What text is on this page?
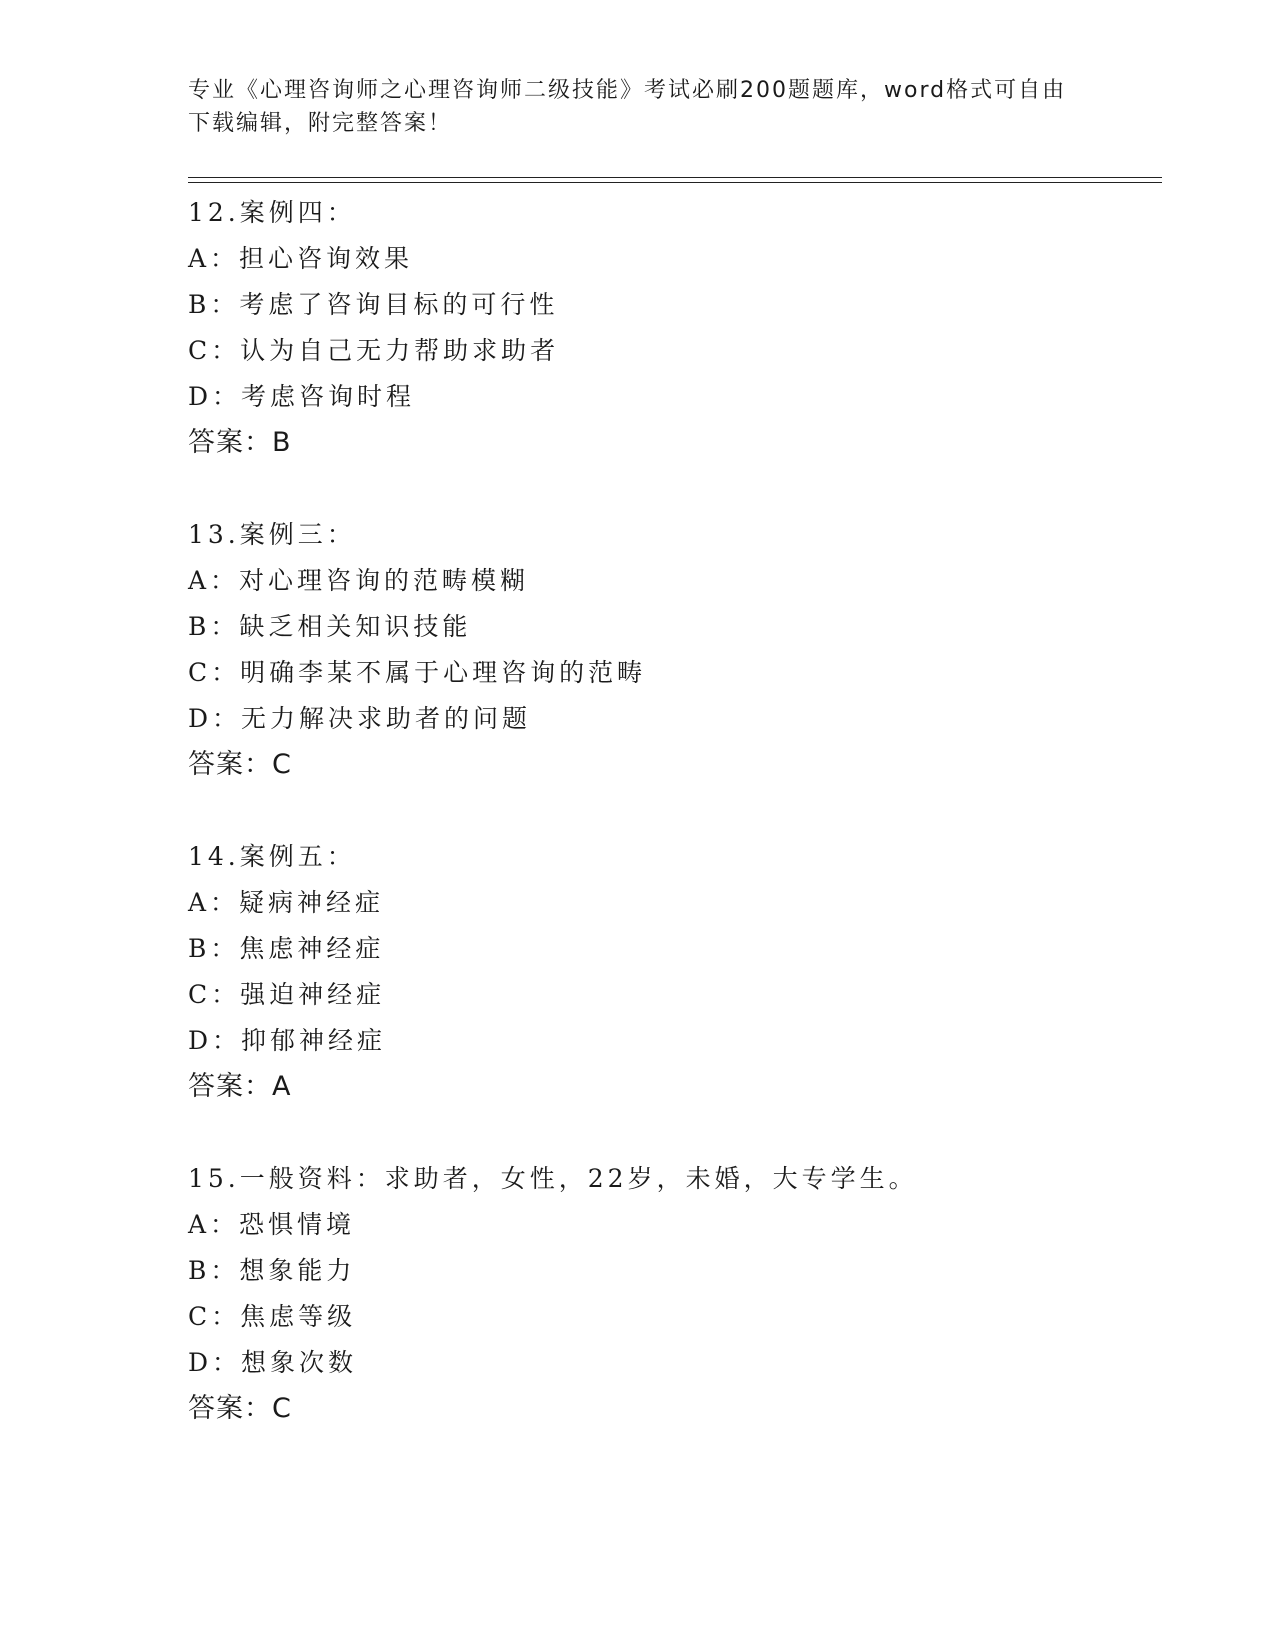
专业《心理咨询师之心理咨询师二级技能》考试必刷200题题库，word格式可自由下载编辑，附完整答案！

12.案例四：
A：担心咨询效果
B：考虑了咨询目标的可行性
C：认为自己无力帮助求助者
D：考虑咨询时程
答案：B
13.案例三：
A：对心理咨询的范畴模糊
B：缺乏相关知识技能
C：明确李某不属于心理咨询的范畴
D：无力解决求助者的问题
答案：C
14.案例五：
A：疑病神经症
B：焦虑神经症
C：强迫神经症
D：抑郁神经症
答案：A
15.一般资料：求助者，女性，22岁，未婚，大专学生。
A：恐惧情境
B：想象能力
C：焦虑等级
D：想象次数
答案：C
